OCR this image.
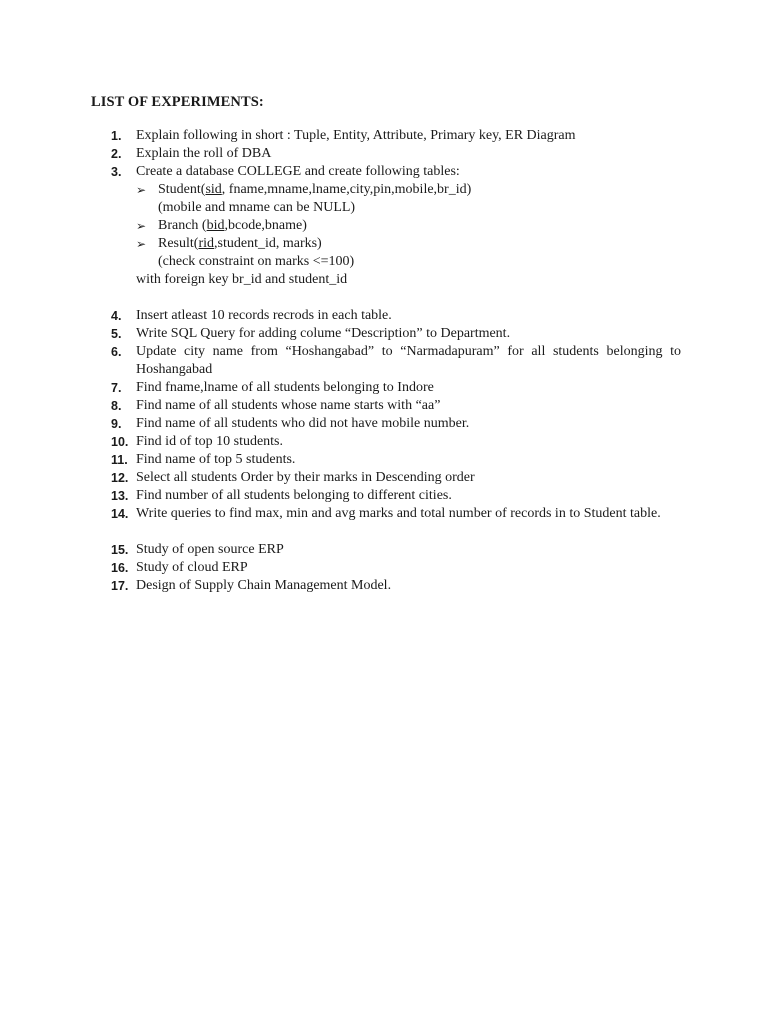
LIST OF EXPERIMENTS:
1.	Explain following in short : Tuple, Entity, Attribute, Primary key, ER Diagram
2.	Explain the roll of DBA
3.	Create a database COLLEGE and create following tables:
➢ Student(sid, fname,mname,lname,city,pin,mobile,br_id)
(mobile and mname can be NULL)
➢ Branch (bid,bcode,bname)
➢ Result(rid,student_id, marks)
(check constraint on marks <=100)
with foreign key br_id and student_id
4.	Insert atleast 10 records recrods in each table.
5.	Write SQL Query for adding colume “Description” to Department.
6.	Update city name from “Hoshangabad” to “Narmadapuram” for all students belonging to Hoshangabad
7.	Find fname,lname of all students belonging to Indore
8.	Find name of all students whose name starts with “aa”
9.	Find name of all students who did not have mobile number.
10. Find id of top 10 students.
11. Find name of top 5 students.
12. Select all students Order by their marks in Descending order
13. Find number of all students belonging to different cities.
14. Write queries to find max, min and avg marks and total number of records in to Student table.
15. Study of open source ERP
16. Study of cloud ERP
17. Design of Supply Chain Management Model.
